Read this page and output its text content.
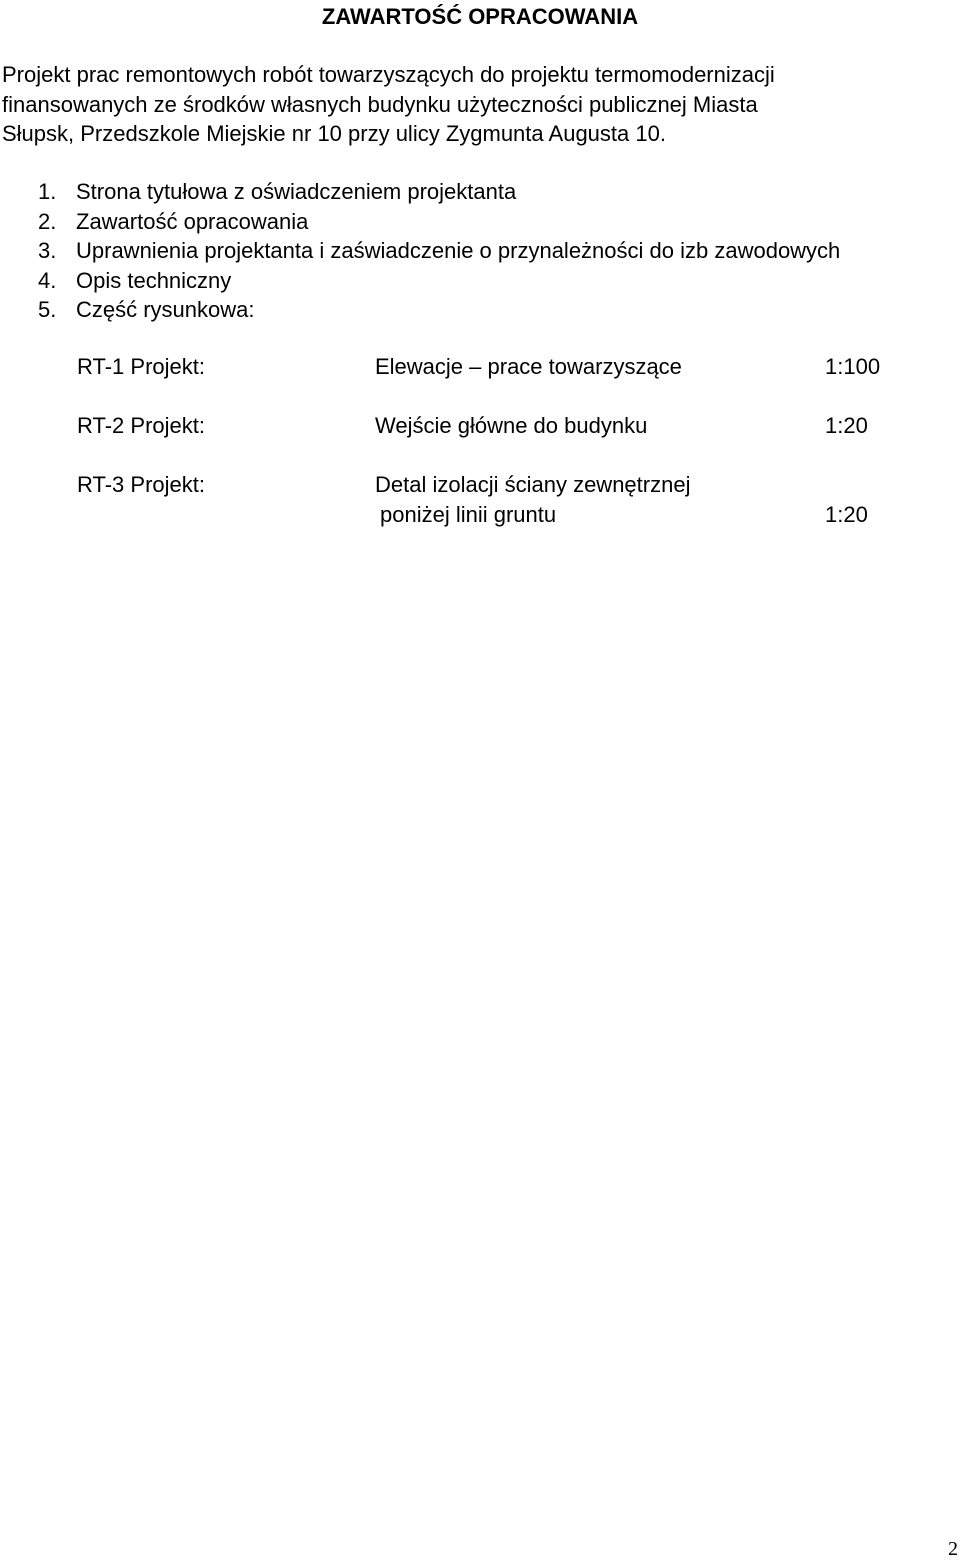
ZAWARTOŚĆ OPRACOWANIA
Projekt prac remontowych robót towarzyszących do projektu termomodernizacji
finansowanych ze środków własnych budynku użyteczności publicznej Miasta
Słupsk, Przedszkole Miejskie nr 10 przy ulicy Zygmunta Augusta 10.
1. Strona tytułowa z oświadczeniem projektanta
2. Zawartość opracowania
3. Uprawnienia projektanta i zaświadczenie o przynależności do izb zawodowych
4. Opis techniczny
5. Część rysunkowa:
RT-1 Projekt:	Elewacje – prace towarzyszące	1:100
RT-2 Projekt:	Wejście główne do budynku	1:20
RT-3 Projekt:	Detal izolacji ściany zewnętrznej
poniżej linii gruntu	1:20
2
